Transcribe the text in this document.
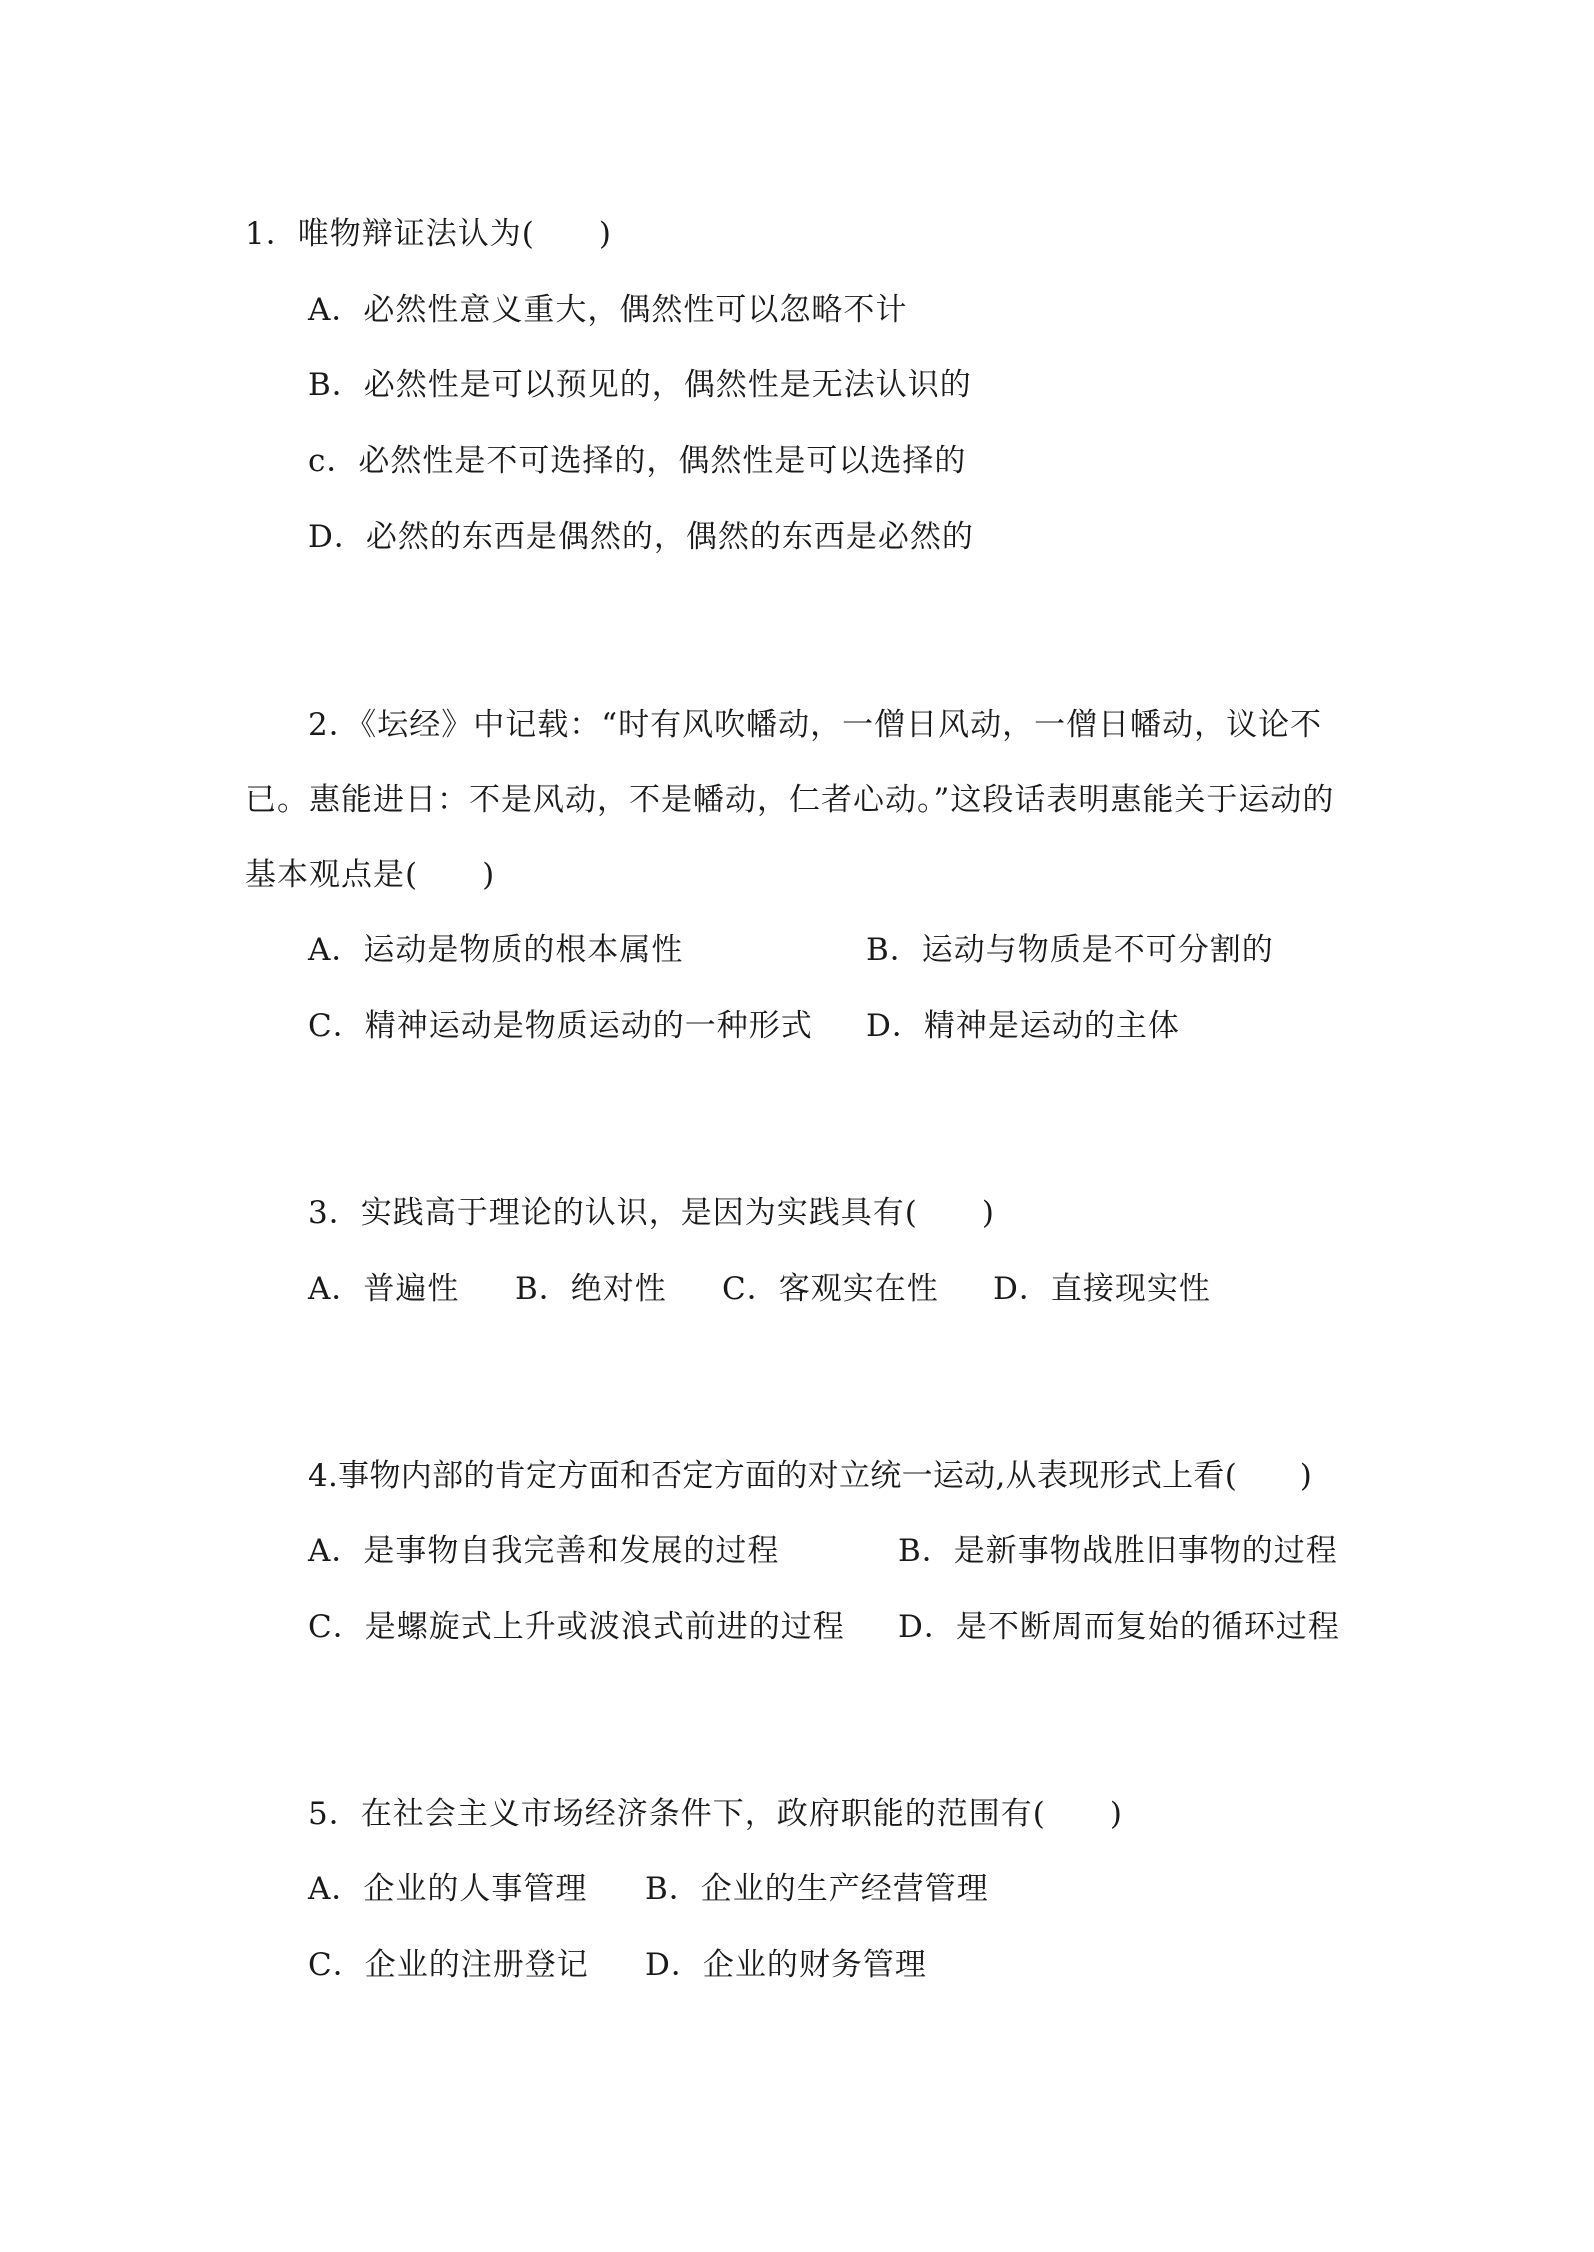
1．唯物辩证法认为(　　)
A．必然性意义重大，偶然性可以忽略不计
B．必然性是可以预见的，偶然性是无法认识的
c．必然性是不可选择的，偶然性是可以选择的
D．必然的东西是偶然的，偶然的东西是必然的
2．《坛经》中记载：“时有风吹幡动，一僧日风动，一僧日幡动，议论不
已。惠能进日：不是风动，不是幡动，仁者心动。”这段话表明惠能关于运动的
基本观点是(　　)
A．运动是物质的根本属性	B．运动与物质是不可分割的
C．精神运动是物质运动的一种形式 D．精神是运动的主体
3．实践高于理论的认识，是因为实践具有(　　)
A．普遍性 B．绝对性 C．客观实在性 D．直接现实性
4.事物内部的肯定方面和否定方面的对立统一运动,从表现形式上看(　　)
A．是事物自我完善和发展的过程	B．是新事物战胜旧事物的过程
C．是螺旋式上升或波浪式前进的过程 D．是不断周而复始的循环过程
5．在社会主义市场经济条件下，政府职能的范围有(　　)
A．企业的人事管理 B．企业的生产经营管理
C．企业的注册登记 D．企业的财务管理
